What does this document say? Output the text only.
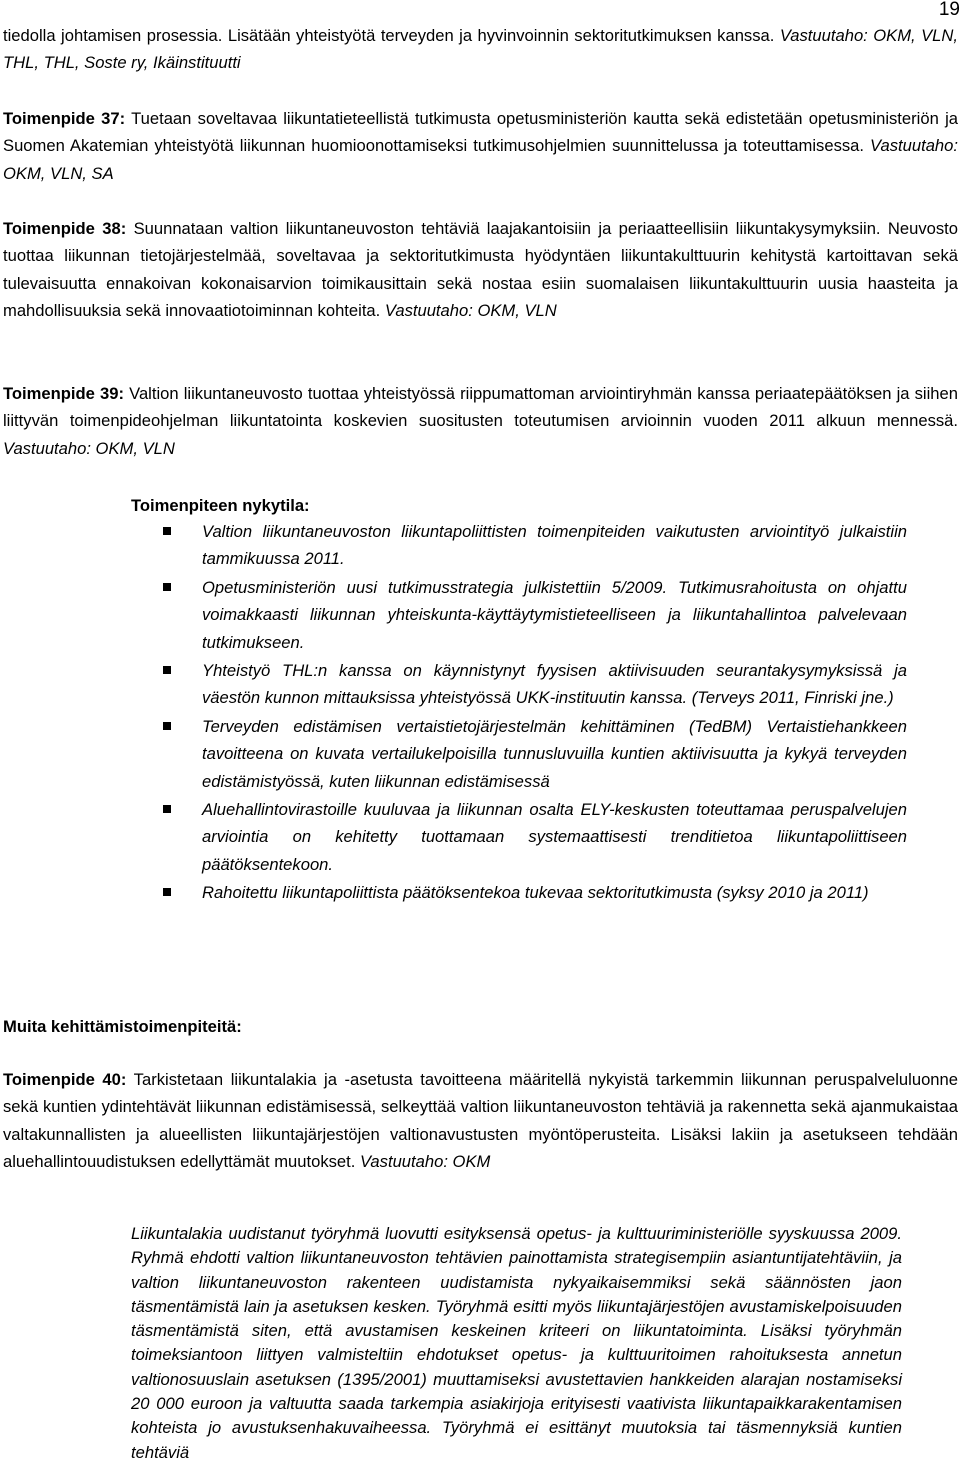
19

tiedolla johtamisen prosessia. Lisätään yhteistyötä terveyden ja hyvinvoinnin sektoritutkimuksen kanssa. Vastuutaho: OKM, VLN, THL, THL, Soste ry, Ikäinstituutti

Toimenpide 37: Tuetaan soveltavaa liikuntatieteellistä tutkimusta opetusministeriön kautta sekä edistetään opetusministeriön ja Suomen Akatemian yhteistyötä liikunnan huomioonottamiseksi tutkimusohjelmien suunnittelussa ja toteuttamisessa. Vastuutaho: OKM, VLN, SA

Toimenpide 38: Suunnataan valtion liikuntaneuvoston tehtäviä laajakantoisiin ja periaatteellisiin liikuntakysymyksiin. Neuvosto tuottaa liikunnan tietojärjestelmää, soveltavaa ja sektoritutkimusta hyödyntäen liikuntakulttuurin kehitystä kartoittavan sekä tulevaisuutta ennakoivan kokonaisarvion toimikausittain sekä nostaa esiin suomalaisen liikuntakulttuurin uusia haasteita ja mahdollisuuksia sekä innovaatiotoiminnan kohteita. Vastuutaho: OKM, VLN

Toimenpide 39: Valtion liikuntaneuvosto tuottaa yhteistyössä riippumattoman arviointiryhmän kanssa periaatepäätöksen ja siihen liittyvän toimenpideohjelman liikuntatointa koskevien suositusten toteutumisen arvioinnin vuoden 2011 alkuun mennessä. Vastuutaho: OKM, VLN

Toimenpiteen nykytila:
Valtion liikuntaneuvoston liikuntapoliittisten toimenpiteiden vaikutusten arviointityö julkaistiin tammikuussa 2011.
Opetusministeriön uusi tutkimusstrategia julkistettiin 5/2009. Tutkimusrahoitusta on ohjattu voimakkaasti liikunnan yhteiskunta-käyttäytymistieteelliseen ja liikuntahallintoa palvelevaan tutkimukseen.
Yhteistyö THL:n kanssa on käynnistynyt fyysisen aktiivisuuden seurantakysymyksissä ja väestön kunnon mittauksissa yhteistyössä UKK-instituutin kanssa. (Terveys 2011, Finriski jne.)
Terveyden edistämisen vertaistietojärjestelmän kehittäminen (TedBM) Vertaistiehankkeen tavoitteena on kuvata vertailukelpoisilla tunnusluvuilla kuntien aktiivisuutta ja kykyä terveyden edistämistyössä, kuten liikunnan edistämisessä
Aluehallintovirastoille kuuluvaa ja liikunnan osalta ELY-keskusten toteuttamaa peruspalvelujen arviointia on kehitetty tuottamaan systemaattisesti trenditietoa liikuntapoliittiseen päätöksentekoon.
Rahoitettu liikuntapoliittista päätöksentekoa tukevaa sektoritutkimusta (syksy 2010 ja 2011)
Muita kehittämistoimenpiteitä:

Toimenpide 40: Tarkistetaan liikuntalakia ja -asetusta tavoitteena määritellä nykyistä tarkemmin liikunnan peruspalveluluonne sekä kuntien ydintehtävät liikunnan edistämisessä, selkeyttää valtion liikuntaneuvoston tehtäviä ja rakennetta sekä ajanmukaistaa valtakunnallisten ja alueellisten liikuntajärjestöjen valtionavustusten myöntöperusteita. Lisäksi lakiin ja asetukseen tehdään aluehallintouudistuksen edellyttämät muutokset. Vastuutaho: OKM

Liikuntalakia uudistanut työryhmä luovutti esityksensä opetus- ja kulttuuriministeriölle syyskuussa 2009. Ryhmä ehdotti valtion liikuntaneuvoston tehtävien painottamista strategisempiin asiantuntijatehtäviin, ja valtion liikuntaneuvoston rakenteen uudistamista nykyaikaisemmiksi sekä säännösten jaon täsmentämistä lain ja asetuksen kesken. Työryhmä esitti myös liikuntajärjestöjen avustamiskelpoisuuden täsmentämistä siten, että avustamisen keskeinen kriteeri on liikuntatoiminta. Lisäksi työryhmän toimeksiantoon liittyen valmisteltiin ehdotukset opetus- ja kulttuuritoimen rahoituksesta annetun valtionosuuslain asetuksen (1395/2001) muuttamiseksi avustettavien hankkeiden alarajan nostamiseksi 20 000 euroon ja valtuutta saada tarkempia asiakirjoja erityisesti vaativista liikuntapaikkarakentamisen kohteista jo avustuksenhakuvaiheessa. Työryhmä ei esittänyt muutoksia tai täsmennyksiä kuntien tehtäviä
